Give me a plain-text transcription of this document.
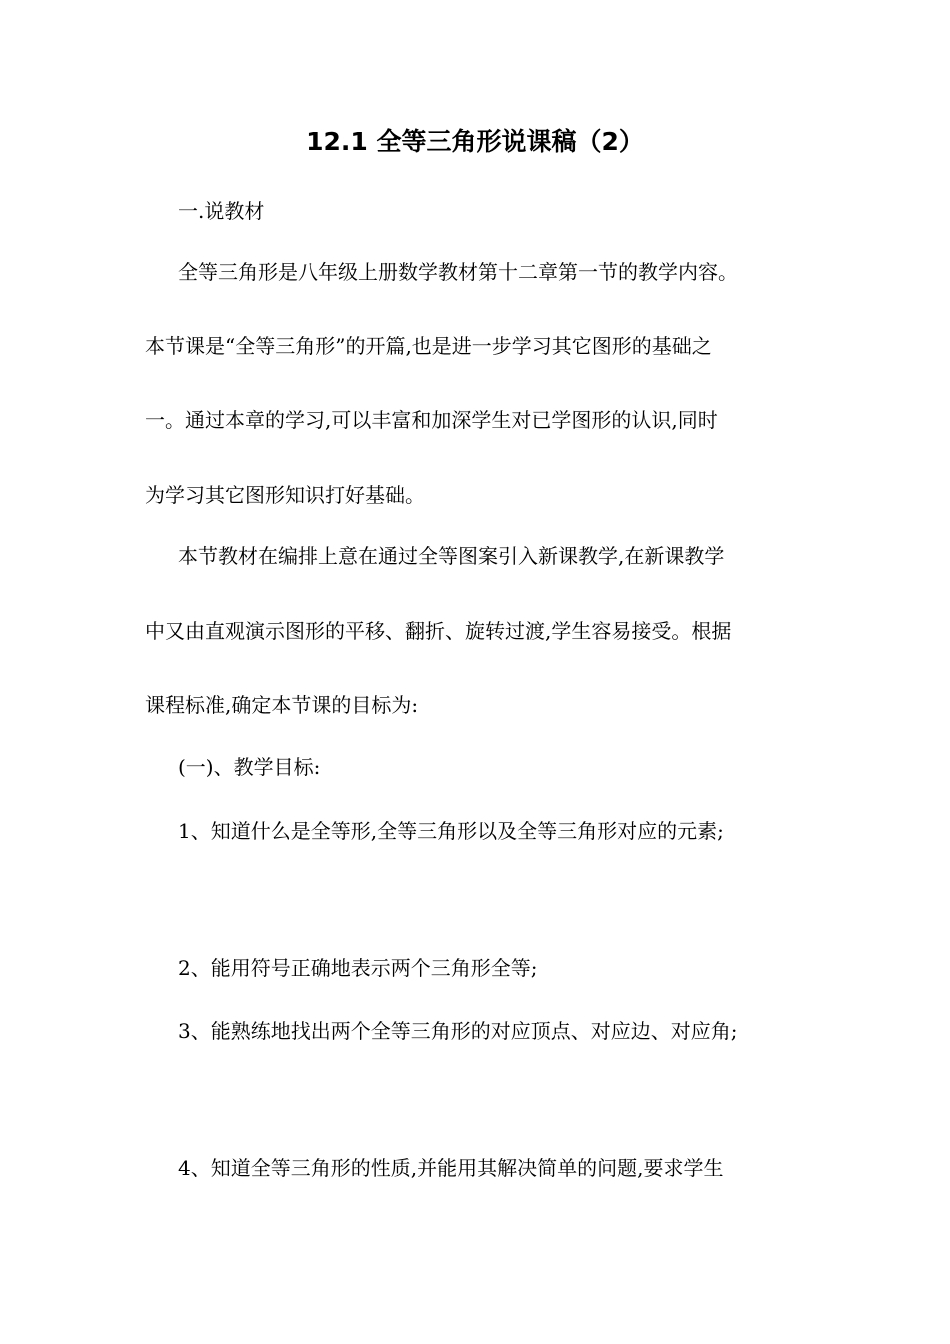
12.1 全等三角形说课稿（2）
一.说教材
全等三角形是八年级上册数学教材第十二章第一节的教学内容。
本节课是“全等三角形”的开篇,也是进一步学习其它图形的基础之
一。通过本章的学习,可以丰富和加深学生对已学图形的认识,同时
为学习其它图形知识打好基础。
本节教材在编排上意在通过全等图案引入新课教学,在新课教学
中又由直观演示图形的平移、翻折、旋转过渡,学生容易接受。根据
课程标准,确定本节课的目标为:
(一)、教学目标:
1、知道什么是全等形,全等三角形以及全等三角形对应的元素;
2、能用符号正确地表示两个三角形全等;
3、能熟练地找出两个全等三角形的对应顶点、对应边、对应角;
4、知道全等三角形的性质,并能用其解决简单的问题,要求学生
